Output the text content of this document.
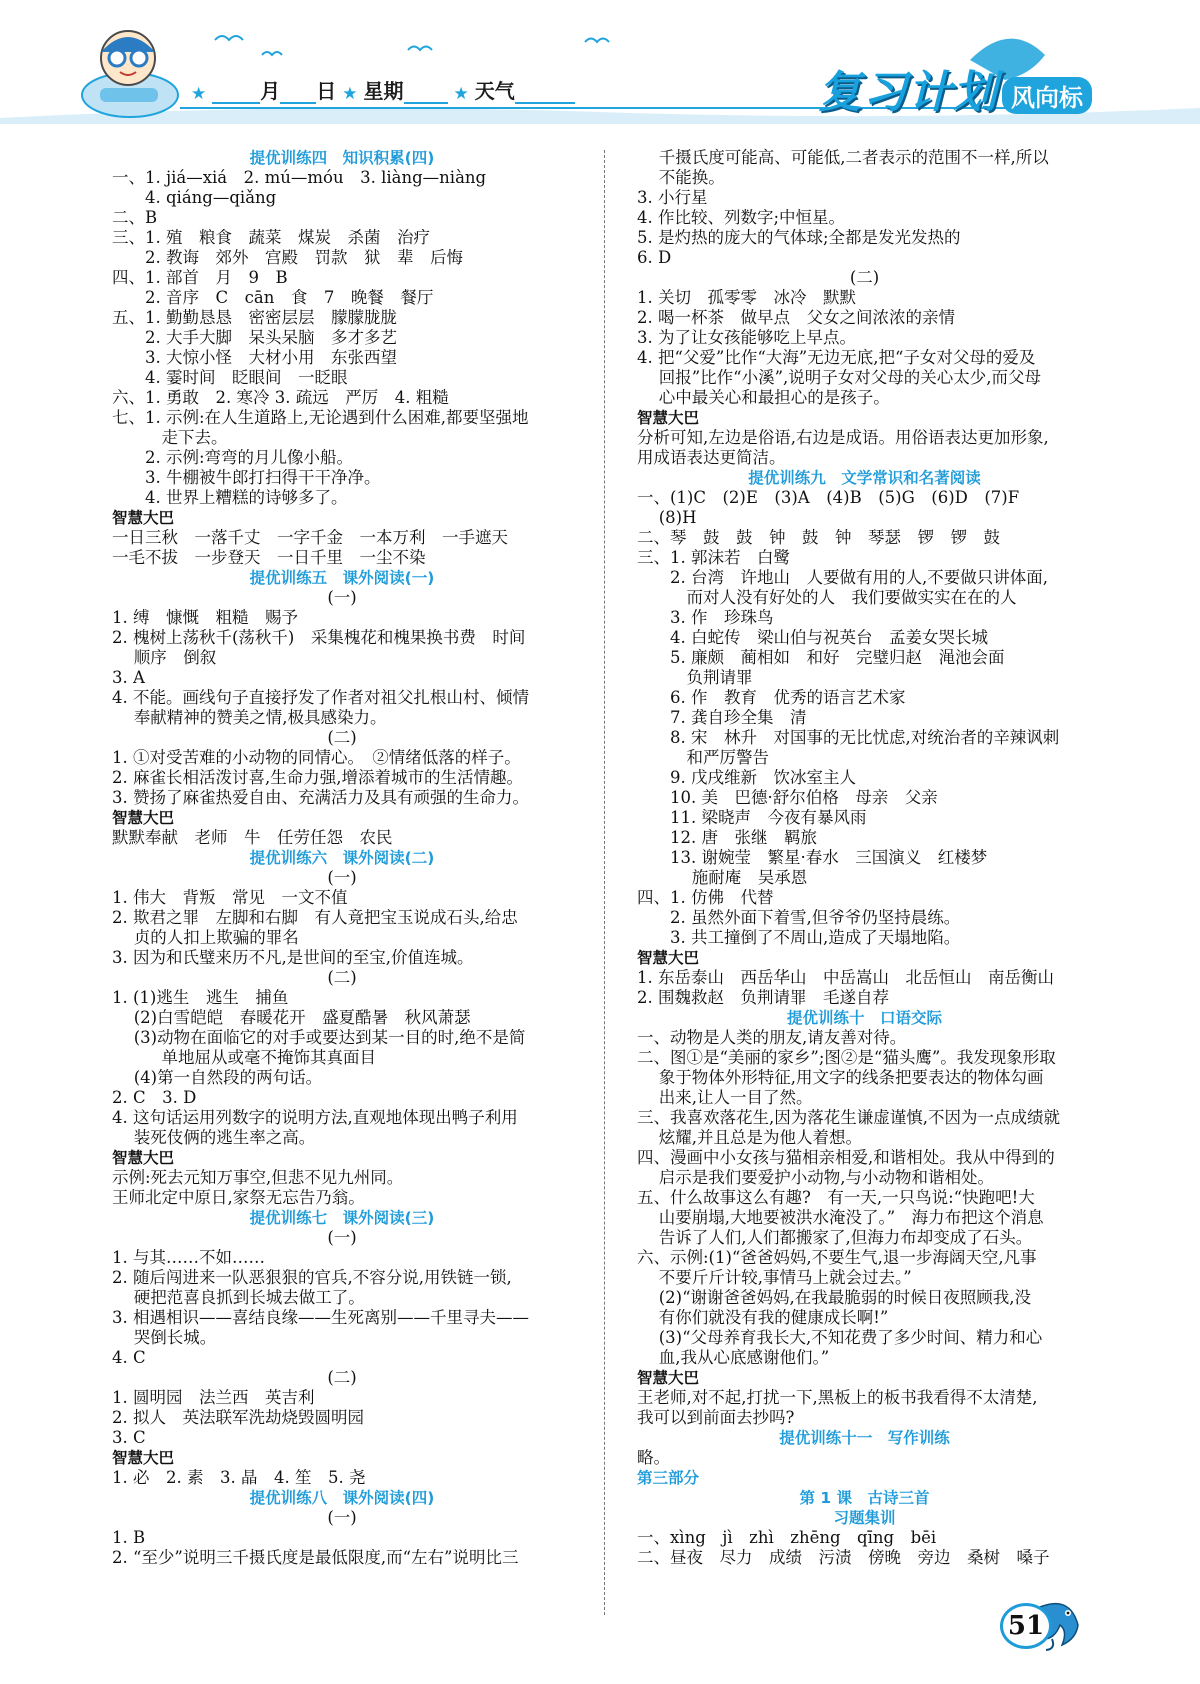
★	月 日 ★ 星期	★ 天气	复习计划 风向标
提优训练四　知识积累(四)
一、1. jiá—xiá　2. mú—móu　3. liàng—niàng
　　4. qiáng—qiǎng
二、B
三、1. 殖　粮食　蔬菜　煤炭　杀菌　治疗
　　2. 教诲　郊外　宫殿　罚款　狱　辈　后悔
四、1. 部首　月　9　B
　　2. 音序　C　cān　食　7　晚餐　餐厅
五、1. 勤勤恳恳　密密层层　朦朦胧胧
　　2. 大手大脚　呆头呆脑　多才多艺
　　3. 大惊小怪　大材小用　东张西望
　　4. 霎时间　眨眼间　一眨眼
六、1. 勇敢　2. 寒冷 3. 疏远　严厉　4. 粗糙
七、1. 示例:在人生道路上,无论遇到什么困难,都要坚强地
　　　走下去。
　　2. 示例:弯弯的月儿像小船。
　　3. 牛棚被牛郎打扫得干干净净。
　　4. 世界上糟糕的诗够多了。
智慧大巴
一日三秋　一落千丈　一字千金　一本万利　一手遮天
一毛不拔　一步登天　一日千里　一尘不染
提优训练五　课外阅读(一)
(一)
1. 缚　慷慨　粗糙　赐予
2. 槐树上荡秋千(荡秋千)　采集槐花和槐果换书费　时间
　 顺序　倒叙
3. A
4. 不能。画线句子直接抒发了作者对祖父扎根山村、倾情
　 奉献精神的赞美之情,极具感染力。
(二)
1. ①对受苦难的小动物的同情心。　②情绪低落的样子。
2. 麻雀长相活泼讨喜,生命力强,增添着城市的生活情趣。
3. 赞扬了麻雀热爱自由、充满活力及具有顽强的生命力。
智慧大巴
默默奉献　老师　牛　任劳任怨　农民
提优训练六　课外阅读(二)
(一)
1. 伟大　背叛　常见　一文不值
2. 欺君之罪　左脚和右脚　有人竟把宝玉说成石头,给忠
　 贞的人扣上欺骗的罪名
3. 因为和氏璧来历不凡,是世间的至宝,价值连城。
(二)
1. (1)逃生　逃生　捕鱼
　 (2)白雪皑皑　春暖花开　盛夏酷暑　秋风萧瑟
　 (3)动物在面临它的对手或要达到某一目的时,绝不是简
　　　单地屈从或毫不掩饰其真面目
　 (4)第一自然段的两句话。
2. C　3. D
4. 这句话运用列数字的说明方法,直观地体现出鸭子利用
　 装死伎俩的逃生率之高。
智慧大巴
示例:死去元知万事空,但悲不见九州同。
王师北定中原日,家祭无忘告乃翁。
提优训练七　课外阅读(三)
(一)
1. 与其……不如……
2. 随后闯进来一队恶狠狠的官兵,不容分说,用铁链一锁,
　 硬把范喜良抓到长城去做工了。
3. 相遇相识——喜结良缘——生死离别——千里寻夫——
　 哭倒长城。
4. C
(二)
1. 圆明园　法兰西　英吉利
2. 拟人　英法联军洗劫烧毁圆明园
3. C
智慧大巴
1. 必　2. 素　3. 晶　4. 笙　5. 尧
提优训练八　课外阅读(四)
(一)
1. B
2. “至少”说明三千摄氏度是最低限度,而“左右”说明比三
　 千摄氏度可能高、可能低,二者表示的范围不一样,所以
　 不能换。
3. 小行星
4. 作比较、列数字;中恒星。
5. 是灼热的庞大的气体球;全都是发光发热的
6. D
(二)
1. 关切　孤零零　冰冷　默默
2. 喝一杯茶　做早点　父女之间浓浓的亲情
3. 为了让女孩能够吃上早点。
4. 把“父爱”比作“大海”无边无底,把“子女对父母的爱及
　 回报”比作“小溪”,说明子女对父母的关心太少,而父母
　 心中最关心和最担心的是孩子。
智慧大巴
分析可知,左边是俗语,右边是成语。用俗语表达更加形象,
用成语表达更简洁。
提优训练九　文学常识和名著阅读
一、(1)C　(2)E　(3)A　(4)B　(5)G　(6)D　(7)F
　 (8)H
二、琴　鼓　鼓　钟　鼓　钟　琴瑟　锣　锣　鼓
三、1. 郭沫若　白鹭
　　2. 台湾　许地山　人要做有用的人,不要做只讲体面,
　　　而对人没有好处的人　我们要做实实在在的人
　　3. 作　珍珠鸟
　　4. 白蛇传　梁山伯与祝英台　孟姜女哭长城
　　5. 廉颇　蔺相如　和好　完璧归赵　渑池会面
　　　负荆请罪
　　6. 作　教育　优秀的语言艺术家
　　7. 龚自珍全集　清
　　8. 宋　林升　对国事的无比忧虑,对统治者的辛辣讽刺
　　　和严厉警告
　　9. 戊戌维新　饮冰室主人
　　10. 美　巴德·舒尔伯格　母亲　父亲
　　11. 梁晓声　今夜有暴风雨
　　12. 唐　张继　羁旅
　　13. 谢婉莹　繁星·春水　三国演义　红楼梦
　　　 施耐庵　吴承恩
四、1. 仿佛　代替
　　2. 虽然外面下着雪,但爷爷仍坚持晨练。
　　3. 共工撞倒了不周山,造成了天塌地陷。
智慧大巴
1. 东岳泰山　西岳华山　中岳嵩山　北岳恒山　南岳衡山
2. 围魏救赵　负荆请罪　毛遂自荐
提优训练十　口语交际
一、动物是人类的朋友,请友善对待。
二、图①是“美丽的家乡”;图②是“猫头鹰”。我发现象形取
　 象于物体外形特征,用文字的线条把要表达的物体勾画
　 出来,让人一目了然。
三、我喜欢落花生,因为落花生谦虚谨慎,不因为一点成绩就
　 炫耀,并且总是为他人着想。
四、漫画中小女孩与猫相亲相爱,和谐相处。我从中得到的
　 启示是我们要爱护小动物,与小动物和谐相处。
五、什么故事这么有趣?　有一天,一只鸟说:“快跑吧!大
　 山要崩塌,大地要被洪水淹没了。”　海力布把这个消息
　 告诉了人们,人们都搬家了,但海力布却变成了石头。
六、示例:(1)“爸爸妈妈,不要生气,退一步海阔天空,凡事
　 不要斤斤计较,事情马上就会过去。”
　 (2)“谢谢爸爸妈妈,在我最脆弱的时候日夜照顾我,没
　 有你们就没有我的健康成长啊!”
　 (3)“父母养育我长大,不知花费了多少时间、精力和心
　 血,我从心底感谢他们。”
智慧大巴
王老师,对不起,打扰一下,黑板上的板书我看得不太清楚,
我可以到前面去抄吗?
提优训练十一　写作训练
略。
第三部分
第 1 课　古诗三首
习题集训
一、xìng　jì　zhì　zhēng　qīng　bēi
二、昼夜　尽力　成绩　污渍　傍晚　旁边　桑树　嗓子
51
